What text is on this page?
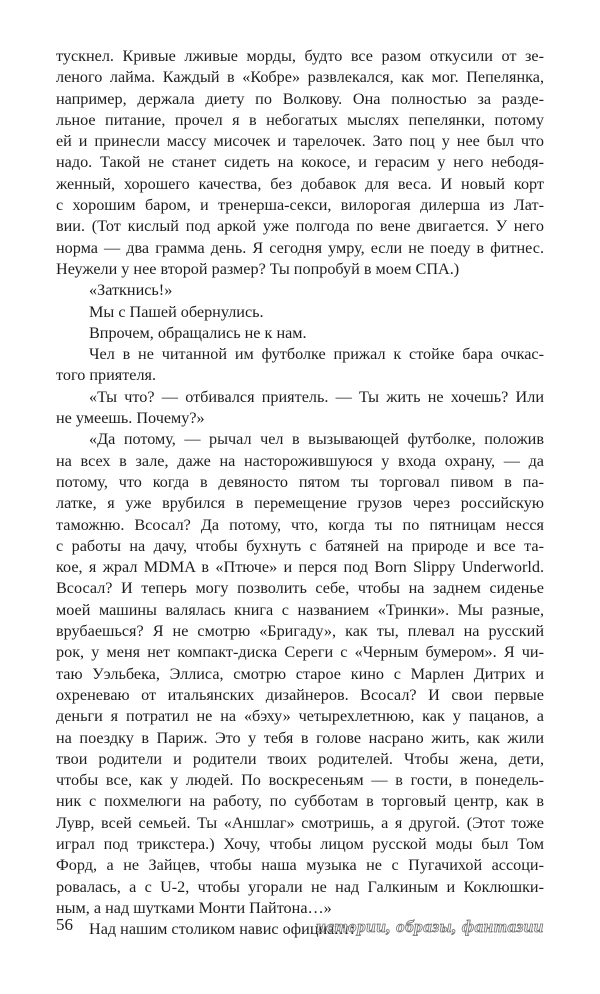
тускнел. Кривые лживые морды, будто все разом откусили от зе-
леного лайма. Каждый в «Кобре» развлекался, как мог. Пепелянка,
например, держала диету по Волкову. Она полностью за разде-
льное питание, прочел я в небогатых мыслях пепелянки, потому
ей и принесли массу мисочек и тарелочек. Зато поц у нее был что
надо. Такой не станет сидеть на кокосе, и герасим у него небодя-
женный, хорошего качества, без добавок для веса. И новый корт
с хорошим баром, и тренерша-секси, вилорогая дилерша из Лат-
вии. (Тот кислый под аркой уже полгода по вене двигается. У него
норма — два грамма день. Я сегодня умру, если не поеду в фитнес.
Неужели у нее второй размер? Ты попробуй в моем СПА.)
«Заткнись!»
Мы с Пашей обернулись.
Впрочем, обращались не к нам.
Чел в не читанной им футболке прижал к стойке бара очкас-
того приятеля.
«Ты что? — отбивался приятель. — Ты жить не хочешь? Или
не умеешь. Почему?»
«Да потому, — рычал чел в вызывающей футболке, положив
на всех в зале, даже на насторожившуюся у входа охрану, — да
потому, что когда в девяносто пятом ты торговал пивом в па-
латке, я уже врубился в перемещение грузов через российскую
таможню. Всосал? Да потому, что, когда ты по пятницам несся
с работы на дачу, чтобы бухнуть с батяней на природе и все та-
кое, я жрал MDMA в «Птюче» и перся под Born Slippy Underworld.
Всосал? И теперь могу позволить себе, чтобы на заднем сиденье
моей машины валялась книга с названием «Тринки». Мы разные,
врубаешься? Я не смотрю «Бригаду», как ты, плевал на русский
рок, у меня нет компакт-диска Сереги с «Черным бумером». Я чи-
таю Уэльбека, Эллиса, смотрю старое кино с Марлен Дитрих и
охреневаю от итальянских дизайнеров. Всосал? И свои первые
деньги я потратил не на «бэху» четырехлетнюю, как у пацанов, а
на поездку в Париж. Это у тебя в голове насрано жить, как жили
твои родители и родители твоих родителей. Чтобы жена, дети,
чтобы все, как у людей. По воскресеньям — в гости, в понедель-
ник с похмелюги на работу, по субботам в торговый центр, как в
Лувр, всей семьей. Ты «Аншлаг» смотришь, а я другой. (Этот тоже
играл под трикстера.) Хочу, чтобы лицом русской моды был Том
Форд, а не Зайцев, чтобы наша музыка не с Пугачихой ассоци-
ровалась, а с U-2, чтобы угорали не над Галкиным и Коклюшки-
ным, а над шутками Монти Пайтона…»
Над нашим столиком навис официант:
56	истории, образы, фантазии
